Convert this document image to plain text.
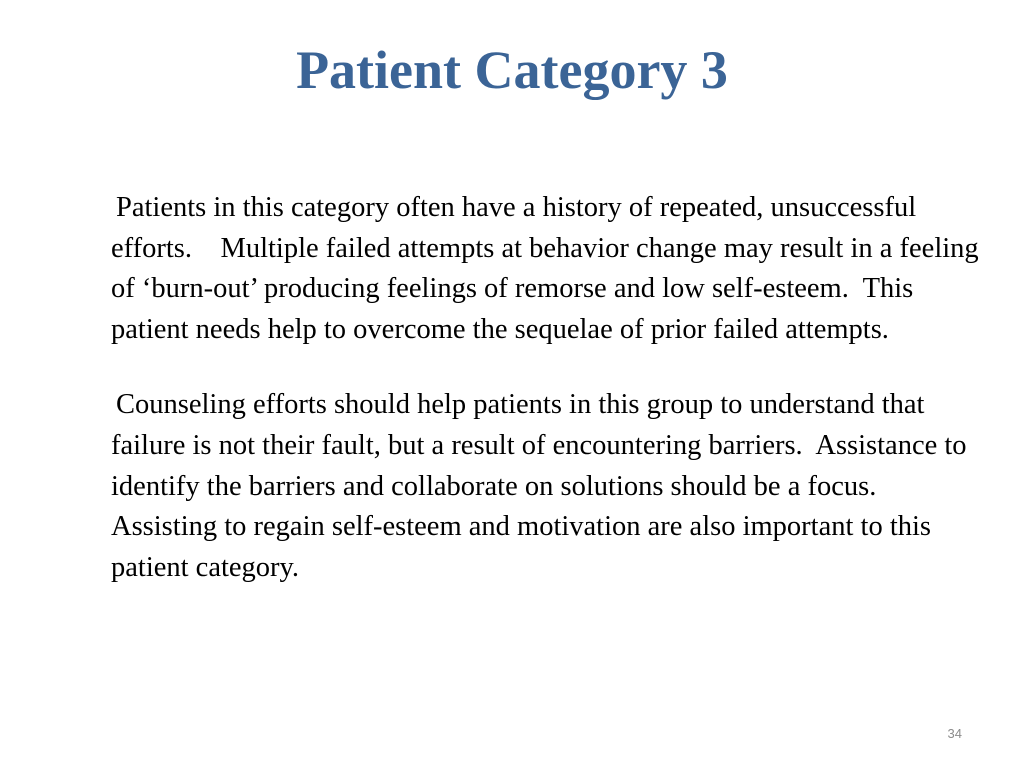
Patient Category 3

Patients in this category often have a history of repeated, unsuccessful efforts.    Multiple failed attempts at behavior change may result in a feeling of ‘burn-out’ producing feelings of remorse and low self-esteem.  This patient needs help to overcome the sequelae of prior failed attempts.

Counseling efforts should help patients in this group to understand that failure is not their fault, but a result of encountering barriers.  Assistance to identify the barriers and collaborate on solutions should be a focus.  Assisting to regain self-esteem and motivation are also important to this patient category.

34
